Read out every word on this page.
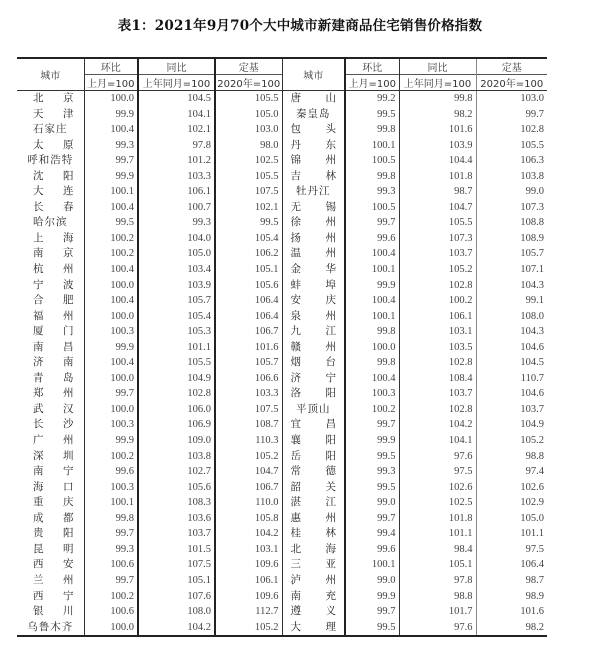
表1：2021年9月70个大中城市新建商品住宅销售价格指数
城市	环比	同比	定基	城市	环比	同比	定基
	上月=100	上年同月=100	2020年=100		上月=100	上年同月=100	2020年=100

北 京	100.0	104.5	105.5	唐 山	99.2	99.8	103.0

天 津	99.9	104.1	105.0	秦皇岛	99.5	98.2	99.7
石家庄	100.4	102.1	103.0	包 头	99.8	101.6	102.8

太 原	99.3	97.8	98.0	丹 东	100.1	103.9	105.5
呼和浩特	99.7	101.2	102.5	锦 州	100.5	104.4	106.3

沈 阳	99.9	103.3	105.5	吉 林	99.8	101.8	103.8

大 连	100.1	106.1	107.5	牡丹江	99.3	98.7	99.0

长 春	100.4	100.7	102.1	无 锡	100.5	104.7	107.3
哈尔滨	99.5	99.3	99.5	徐 州	99.7	105.5	108.8

上 海	100.2	104.0	105.4	扬 州	99.6	107.3	108.9

南 京	100.2	105.0	106.2	温 州	100.4	103.7	105.7

杭 州	100.4	103.4	105.1	金 华	100.1	105.2	107.1

宁 波	100.0	103.9	105.6	蚌 埠	99.9	102.8	104.3

合 肥	100.4	105.7	106.4	安 庆	100.4	100.2	99.1

福 州	100.0	105.4	106.4	泉 州	100.1	106.1	108.0

厦 门	100.3	105.3	106.7	九 江	99.8	103.1	104.3

南 昌	99.9	101.1	101.6	赣 州	100.0	103.5	104.6

济 南	100.4	105.5	105.7	烟 台	99.8	102.8	104.5

青 岛	100.0	104.9	106.6	济 宁	100.4	108.4	110.7

郑 州	99.7	102.8	103.3	洛 阳	100.3	103.7	104.6

武 汉	100.0	106.0	107.5	平顶山	100.2	102.8	103.7

长 沙	100.3	106.9	108.7	宜 昌	99.7	104.2	104.9

广 州	99.9	109.0	110.3	襄 阳	99.9	104.1	105.2

深 圳	100.2	103.8	105.2	岳 阳	99.5	97.6	98.8

南 宁	99.6	102.7	104.7	常 德	99.3	97.5	97.4

海 口	100.3	105.6	106.7	韶 关	99.5	102.6	102.6

重 庆	100.1	108.3	110.0	湛 江	99.0	102.5	102.9

成 都	99.8	103.6	105.8	惠 州	99.7	101.8	105.0

贵 阳	99.7	103.7	104.2	桂 林	99.4	101.1	101.1

昆 明	99.3	101.5	103.1	北 海	99.6	98.4	97.5

西 安	100.6	107.5	109.6	三 亚	100.1	105.1	106.4

兰 州	99.7	105.1	106.1	泸 州	99.0	97.8	98.7

西 宁	100.2	107.6	109.6	南 充	99.9	98.8	98.9

银 川	100.6	108.0	112.7	遵 义	99.7	101.7	101.6
乌鲁木齐	100.0	104.2	105.2	大 理	99.5	97.6	98.2
